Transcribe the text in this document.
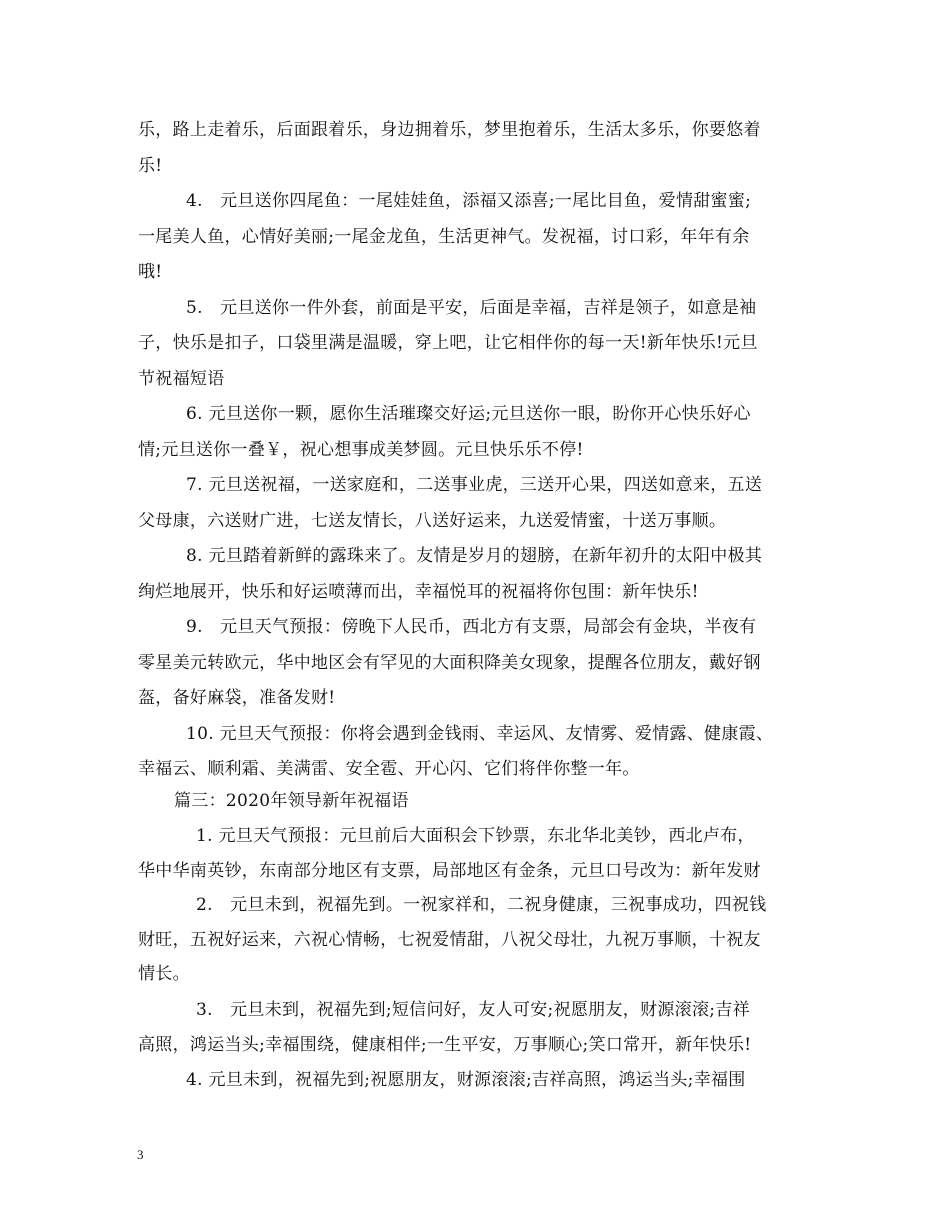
乐，路上走着乐，后面跟着乐，身边拥着乐，梦里抱着乐，生活太多乐，你要悠着
乐!
4.　元旦送你四尾鱼：一尾娃娃鱼，添福又添喜;一尾比目鱼，爱情甜蜜蜜;
一尾美人鱼，心情好美丽;一尾金龙鱼，生活更神气。发祝福，讨口彩，年年有余
哦!
5.　元旦送你一件外套，前面是平安，后面是幸福，吉祥是领子，如意是袖
子，快乐是扣子，口袋里满是温暖，穿上吧，让它相伴你的每一天!新年快乐!元旦
节祝福短语
6. 元旦送你一颗，愿你生活璀璨交好运;元旦送你一眼，盼你开心快乐好心
情;元旦送你一叠￥，祝心想事成美梦圆。元旦快乐乐不停!
7. 元旦送祝福，一送家庭和，二送事业虎，三送开心果，四送如意来，五送
父母康，六送财广进，七送友情长，八送好运来，九送爱情蜜，十送万事顺。
8. 元旦踏着新鲜的露珠来了。友情是岁月的翅膀，在新年初升的太阳中极其
绚烂地展开，快乐和好运喷薄而出，幸福悦耳的祝福将你包围：新年快乐!
9.　元旦天气预报：傍晚下人民币，西北方有支票，局部会有金块，半夜有
零星美元转欧元，华中地区会有罕见的大面积降美女现象，提醒各位朋友，戴好钢
盔，备好麻袋，准备发财!
10. 元旦天气预报：你将会遇到金钱雨、幸运风、友情雾、爱情露、健康霞、
幸福云、顺利霜、美满雷、安全雹、开心闪、它们将伴你整一年。
篇三：2020年领导新年祝福语
1. 元旦天气预报：元旦前后大面积会下钞票，东北华北美钞，西北卢布，
华中华南英钞，东南部分地区有支票，局部地区有金条，元旦口号改为：新年发财
2.　元旦未到，祝福先到。一祝家祥和，二祝身健康，三祝事成功，四祝钱
财旺，五祝好运来，六祝心情畅，七祝爱情甜，八祝父母壮，九祝万事顺，十祝友
情长。
3.　元旦未到，祝福先到;短信问好，友人可安;祝愿朋友，财源滚滚;吉祥
高照，鸿运当头;幸福围绕，健康相伴;一生平安，万事顺心;笑口常开，新年快乐!
4. 元旦未到，祝福先到;祝愿朋友，财源滚滚;吉祥高照，鸿运当头;幸福围
3
